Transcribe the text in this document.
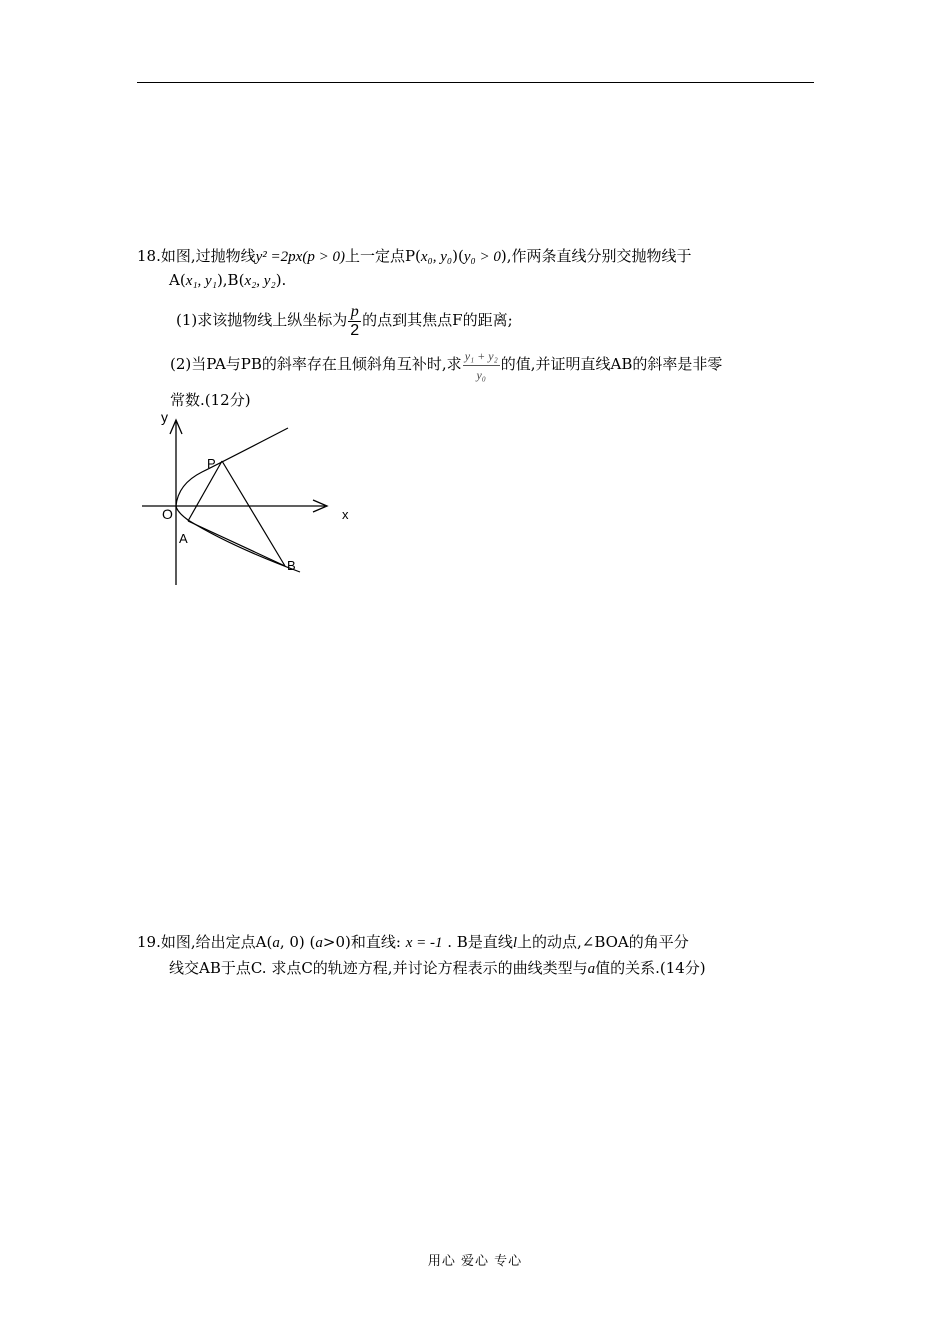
18.如图,过抛物线y² =2px(p > 0)上一定点P(x₀, y₀)(y₀ > 0),作两条直线分别交抛物线于
A(x₁, y₁),B(x₂, y₂).
(1)求该抛物线上纵坐标为 $\frac{p}{2}$ 的点到其焦点F的距离;
(2)当PA与PB的斜率存在且倾斜角互补时,求 $\frac{\text{y₁ + y₂}}{\text{y₀}}$ 的值,并证明直线AB的斜率是非零
常数.(12分)
y
x
O
P
A
B
19.如图,给出定点A(a, 0) (a>0)和直线: x = -1 . B是直线l上的动点,∠BOA的角平分
线交AB于点C. 求点C的轨迹方程,并讨论方程表示的曲线类型与a值的关系.(14分)
用心 爱心 专心
